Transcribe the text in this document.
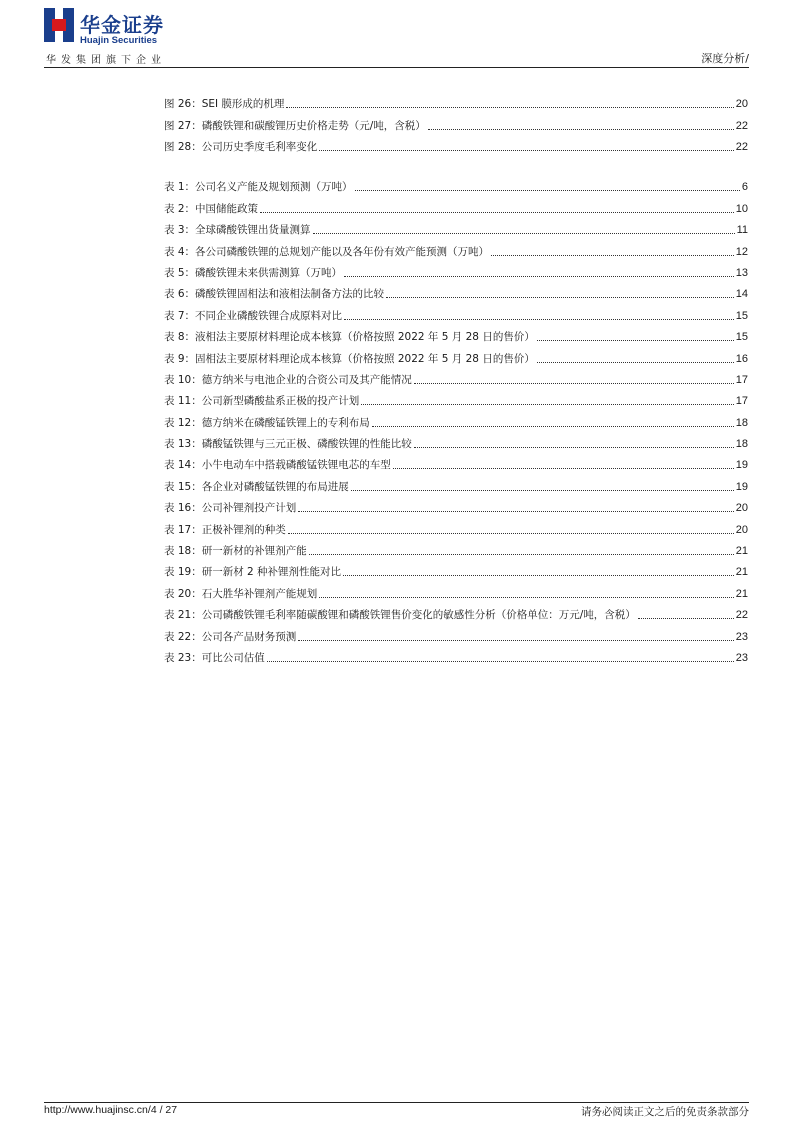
华金证券
Huajin Securities
华发集团旗下企业	深度分析/
图 26： SEI 膜形成的机理	20
图 27： 磷酸铁锂和碳酸锂历史价格走势（元/吨，含税）	22
图 28： 公司历史季度毛利率变化	22
表 1： 公司名义产能及规划预测（万吨）	6
表 2： 中国储能政策	10
表 3： 全球磷酸铁锂出货量测算	11
表 4： 各公司磷酸铁锂的总规划产能以及各年份有效产能预测（万吨）	12
表 5： 磷酸铁锂未来供需测算（万吨）	13
表 6： 磷酸铁锂固相法和液相法制备方法的比较	14
表 7： 不同企业磷酸铁锂合成原料对比	15
表 8： 液相法主要原材料理论成本核算（价格按照 2022 年 5 月 28 日的售价）	15
表 9： 固相法主要原材料理论成本核算（价格按照 2022 年 5 月 28 日的售价）	16
表 10： 德方纳米与电池企业的合资公司及其产能情况	17
表 11： 公司新型磷酸盐系正极的投产计划	17
表 12： 德方纳米在磷酸锰铁锂上的专利布局	18
表 13： 磷酸锰铁锂与三元正极、磷酸铁锂的性能比较	18
表 14： 小牛电动车中搭载磷酸锰铁锂电芯的车型	19
表 15： 各企业对磷酸锰铁锂的布局进展	19
表 16： 公司补锂剂投产计划	20
表 17： 正极补锂剂的种类	20
表 18： 研一新材的补锂剂产能	21
表 19： 研一新材 2 种补锂剂性能对比	21
表 20： 石大胜华补锂剂产能规划	21
表 21： 公司磷酸铁锂毛利率随碳酸锂和磷酸铁锂售价变化的敏感性分析（价格单位：万元/吨，含税）	22
表 22： 公司各产品财务预测	23
表 23： 可比公司估值	23
http://www.huajinsc.cn/4 / 27	请务必阅读正文之后的免责条款部分
